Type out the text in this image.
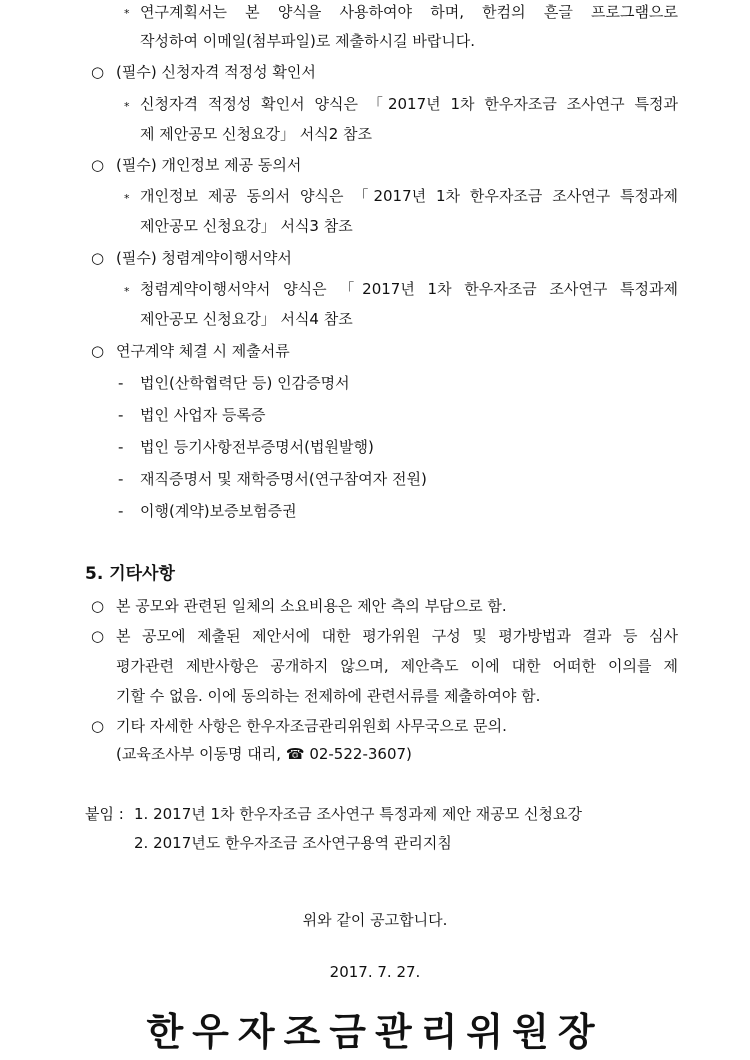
* 연구계획서는 본 양식을 사용하여야 하며, 한컴의 흔글 프로그램으로
작성하여 이메일(첨부파일)로 제출하시길 바랍니다.
○ (필수) 신청자격 적정성 확인서
* 신청자격 적정성 확인서 양식은 「2017년 1차 한우자조금 조사연구 특정과
제 제안공모 신청요강」 서식2 참조
○ (필수) 개인정보 제공 동의서
* 개인정보 제공 동의서 양식은 「2017년 1차 한우자조금 조사연구 특정과제
제안공모 신청요강」 서식3 참조
○ (필수) 청렴계약이행서약서
* 청렴계약이행서약서 양식은 「2017년 1차 한우자조금 조사연구 특정과제
제안공모 신청요강」 서식4 참조
○ 연구계약 체결 시 제출서류
- 법인(산학협력단 등) 인감증명서
- 법인 사업자 등록증
- 법인 등기사항전부증명서(법원발행)
- 재직증명서 및 재학증명서(연구참여자 전원)
- 이행(계약)보증보험증권
5. 기타사항
○ 본 공모와 관련된 일체의 소요비용은 제안 측의 부담으로 함.
○ 본 공모에 제출된 제안서에 대한 평가위원 구성 및 평가방법과 결과 등 심사
평가관련 제반사항은 공개하지 않으며, 제안측도 이에 대한 어떠한 이의를 제
기할 수 없음. 이에 동의하는 전제하에 관련서류를 제출하여야 함.
○ 기타 자세한 사항은 한우자조금관리위원회 사무국으로 문의.
(교육조사부 이동명 대리, ☎ 02-522-3607)
붙임 : 1. 2017년 1차 한우자조금 조사연구 특정과제 제안 재공모 신청요강
2. 2017년도 한우자조금 조사연구용역 관리지침
위와 같이 공고합니다.
2017. 7. 27.
한우자조금관리위원장
